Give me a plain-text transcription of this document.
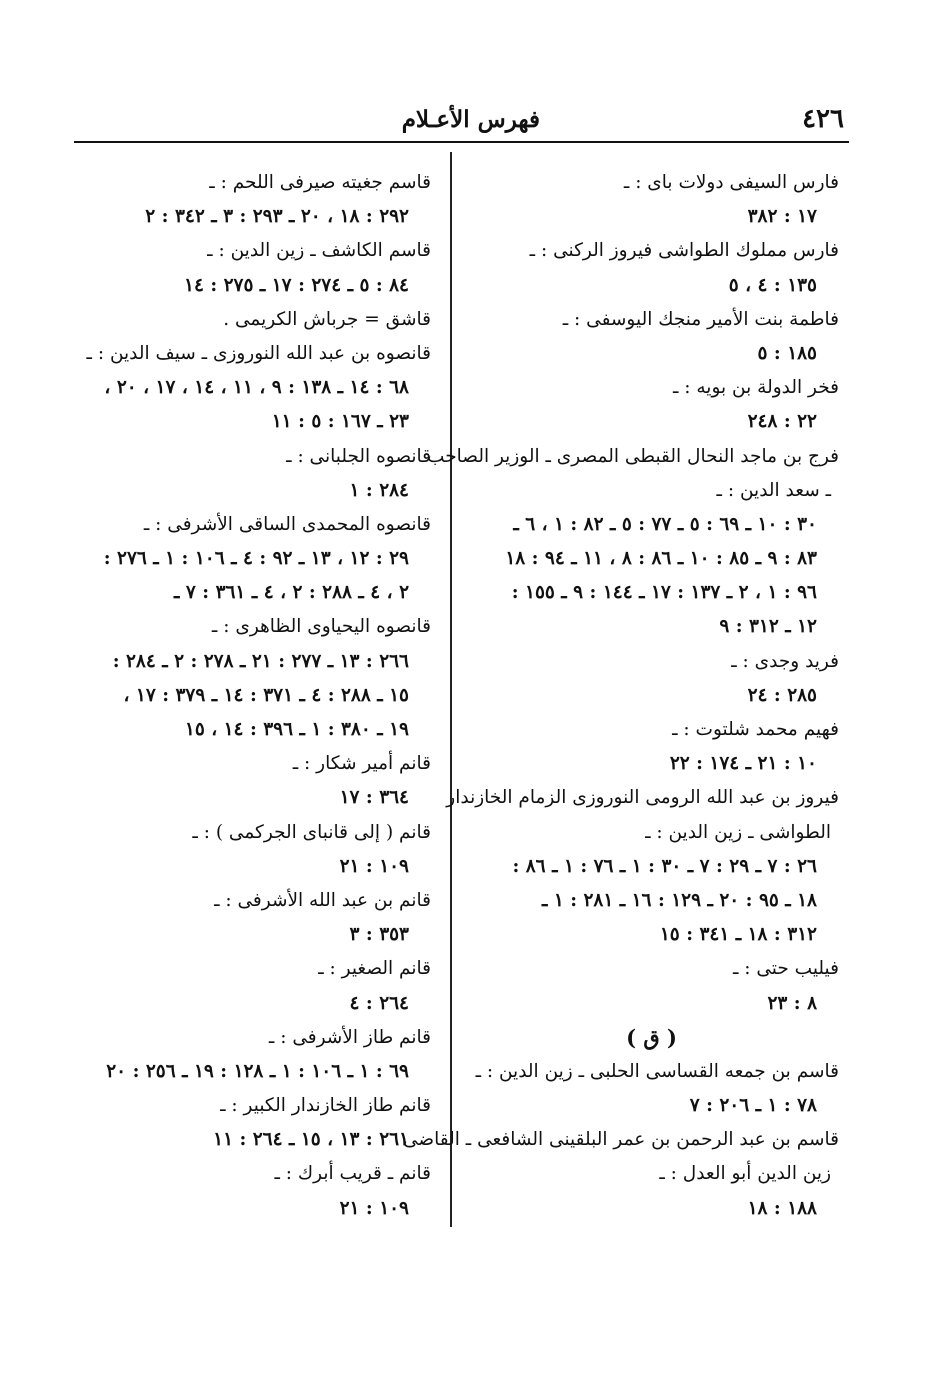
٤٢٦
فهرس الأعـلام
فارس السيفى دولات باى : ـ
١٧ : ٣٨٢
فارس مملوك الطواشى فيروز الركنى : ـ
١٣٥ : ٤ ، ٥
فاطمة بنت الأمير منجك اليوسفى : ـ
١٨٥ : ٥
فخر الدولة بن بويه : ـ
٢٢ : ٢٤٨
فرج بن ماجد النحال القبطى المصرى ـ الوزير الصاحب
ـ سعد الدين : ـ
٣٠ : ١٠ ـ ٦٩ : ٥ ـ ٧٧ : ٥ ـ ٨٢ : ١ ، ٦ ـ
٨٣ : ٩ ـ ٨٥ : ١٠ ـ ٨٦ : ٨ ، ١١ ـ ٩٤ : ١٨
٩٦ : ١ ، ٢ ـ ١٣٧ : ١٧ ـ ١٤٤ : ٩ ـ ١٥٥ :
١٢ ـ ٣١٢ : ٩
فريد وجدى : ـ
٢٨٥ : ٢٤
فهيم محمد شلتوت : ـ
١٠ : ٢١ ـ ١٧٤ : ٢٢
فيروز بن عبد الله الرومى النوروزى الزمام الخازندار
الطواشى ـ زين الدين : ـ
٢٦ : ٧ ـ ٢٩ : ٧ ـ ٣٠ : ١ ـ ٧٦ : ١ ـ ٨٦ :
١٨ ـ ٩٥ : ٢٠ ـ ١٢٩ : ١٦ ـ ٢٨١ : ١ ـ
٣١٢ : ١٨ ـ ٣٤١ : ١٥
فيليب حتى : ـ
٨ : ٢٣
( ق )
قاسم بن جمعه القساسى الحلبى ـ زين الدين : ـ
٧٨ : ١ ـ ٢٠٦ : ٧
قاسم بن عبد الرحمن بن عمر البلقينى الشافعى ـ القاضى
زين الدين أبو العدل : ـ
١٨٨ : ١٨
قاسم جغيته صيرفى اللحم : ـ
٢٩٢ : ١٨ ، ٢٠ ـ ٢٩٣ : ٣ ـ ٣٤٢ : ٢
قاسم الكاشف ـ زين الدين : ـ
٨٤ : ٥ ـ ٢٧٤ : ١٧ ـ ٢٧٥ : ١٤
قاشق = جرباش الكريمى .
قانصوه بن عبد الله النوروزى ـ سيف الدين : ـ
٦٨ : ١٤ ـ ١٣٨ : ٩ ، ١١ ، ١٤ ، ١٧ ، ٢٠ ،
٢٣ ـ ١٦٧ : ٥ : ١١
قانصوه الجلبانى : ـ
٢٨٤ : ١
قانصوه المحمدى الساقى الأشرفى : ـ
٢٩ : ١٢ ، ١٣ ـ ٩٢ : ٤ ـ ١٠٦ : ١ ـ ٢٧٦ :
٢ ، ٤ ـ ٢٨٨ : ٢ ، ٤ ـ ٣٦١ : ٧ ـ
قانصوه اليحياوى الظاهرى : ـ
٢٦٦ : ١٣ ـ ٢٧٧ : ٢١ ـ ٢٧٨ : ٢ ـ ٢٨٤ :
١٥ ـ ٢٨٨ : ٤ ـ ٣٧١ : ١٤ ـ ٣٧٩ : ١٧ ،
١٩ ـ ٣٨٠ : ١ ـ ٣٩٦ : ١٤ ، ١٥
قانم أمير شكار : ـ
٣٦٤ : ١٧
قانم ( إلى قانباى الجركمى ) : ـ
١٠٩ : ٢١
قانم بن عبد الله الأشرفى : ـ
٣٥٣ : ٣
قانم الصغير : ـ
٢٦٤ : ٤
قانم طاز الأشرفى : ـ
٦٩ : ١ ـ ١٠٦ : ١ ـ ١٢٨ : ١٩ ـ ٢٥٦ : ٢٠
قانم طاز الخازندار الكبير : ـ
٢٦١ : ١٣ ، ١٥ ـ ٢٦٤ : ١١
قانم ـ قريب أبرك : ـ
١٠٩ : ٢١
